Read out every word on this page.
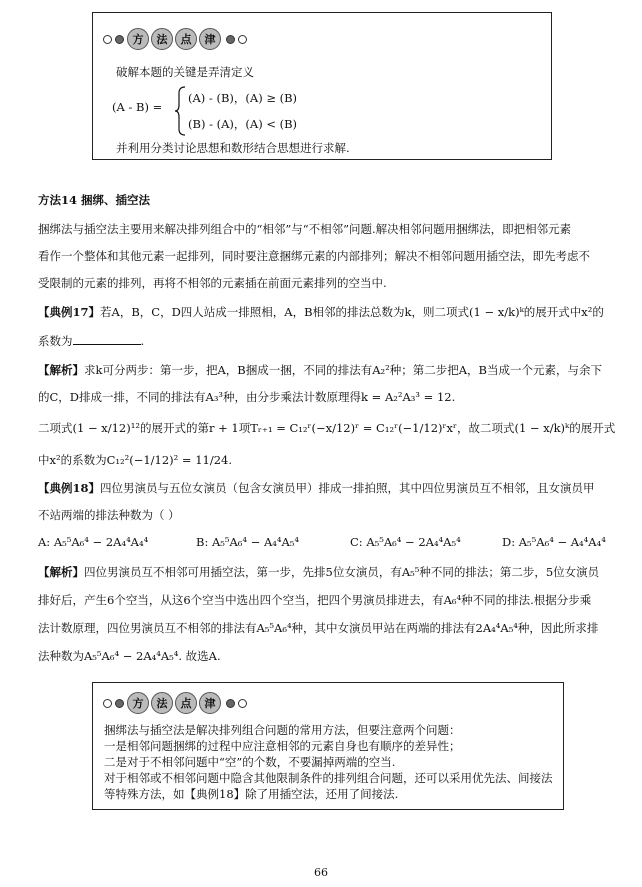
方	法	点	津
破解本题的关键是弄清定义
(A - B) =
(A) - (B)，(A) ≥ (B)
(B) - (A)，(A) < (B)
并利用分类讨论思想和数形结合思想进行求解.
方法14 捆绑、插空法
捆绑法与插空法主要用来解决排列组合中的“相邻”与“不相邻”问题.解决相邻问题用捆绑法，即把相邻元素
看作一个整体和其他元素一起排列，同时要注意捆绑元素的内部排列；解决不相邻问题用插空法，即先考虑不
受限制的元素的排列，再将不相邻的元素插在前面元素排列的空当中.
【典例17】若A，B，C，D四人站成一排照相，A，B相邻的排法总数为k，则二项式(1 − x/k)ᵏ的展开式中x²的
系数为	.
【解析】求k可分两步：第一步，把A，B捆成一捆，不同的排法有A₂²种；第二步把A，B当成一个元素，与余下
的C，D排成一排，不同的排法有A₃³种，由分步乘法计数原理得k = A₂²A₃³ = 12.
二项式(1 − x/12)¹²的展开式的第r + 1项Tᵣ₊₁ = C₁₂ʳ(−x/12)ʳ = C₁₂ʳ(−1/12)ʳxʳ，故二项式(1 − x/k)ᵏ的展开式
中x²的系数为C₁₂²(−1/12)² = 11/24.
【典例18】四位男演员与五位女演员（包含女演员甲）排成一排拍照，其中四位男演员互不相邻，且女演员甲
不站两端的排法种数为（ ）
A: A₅⁵A₆⁴ − 2A₄⁴A₄⁴	B: A₅⁵A₆⁴ − A₄⁴A₅⁴	C: A₅⁵A₆⁴ − 2A₄⁴A₅⁴	D: A₅⁵A₆⁴ − A₄⁴A₄⁴
【解析】四位男演员互不相邻可用插空法，第一步，先排5位女演员，有A₅⁵种不同的排法；第二步，5位女演员
排好后，产生6个空当，从这6个空当中选出四个空当，把四个男演员排进去，有A₆⁴种不同的排法.根据分步乘
法计数原理，四位男演员互不相邻的排法有A₅⁵A₆⁴种，其中女演员甲站在两端的排法有2A₄⁴A₅⁴种，因此所求排
法种数为A₅⁵A₆⁴ − 2A₄⁴A₅⁴. 故选A.
方	法	点	津
捆绑法与插空法是解决排列组合问题的常用方法，但要注意两个问题：
一是相邻问题捆绑的过程中应注意相邻的元素自身也有顺序的差异性；
二是对于不相邻问题中“空”的个数，不要漏掉两端的空当.
对于相邻或不相邻问题中隐含其他限制条件的排列组合问题，还可以采用优先法、间接法
等特殊方法，如【典例18】除了用插空法，还用了间接法.
66
